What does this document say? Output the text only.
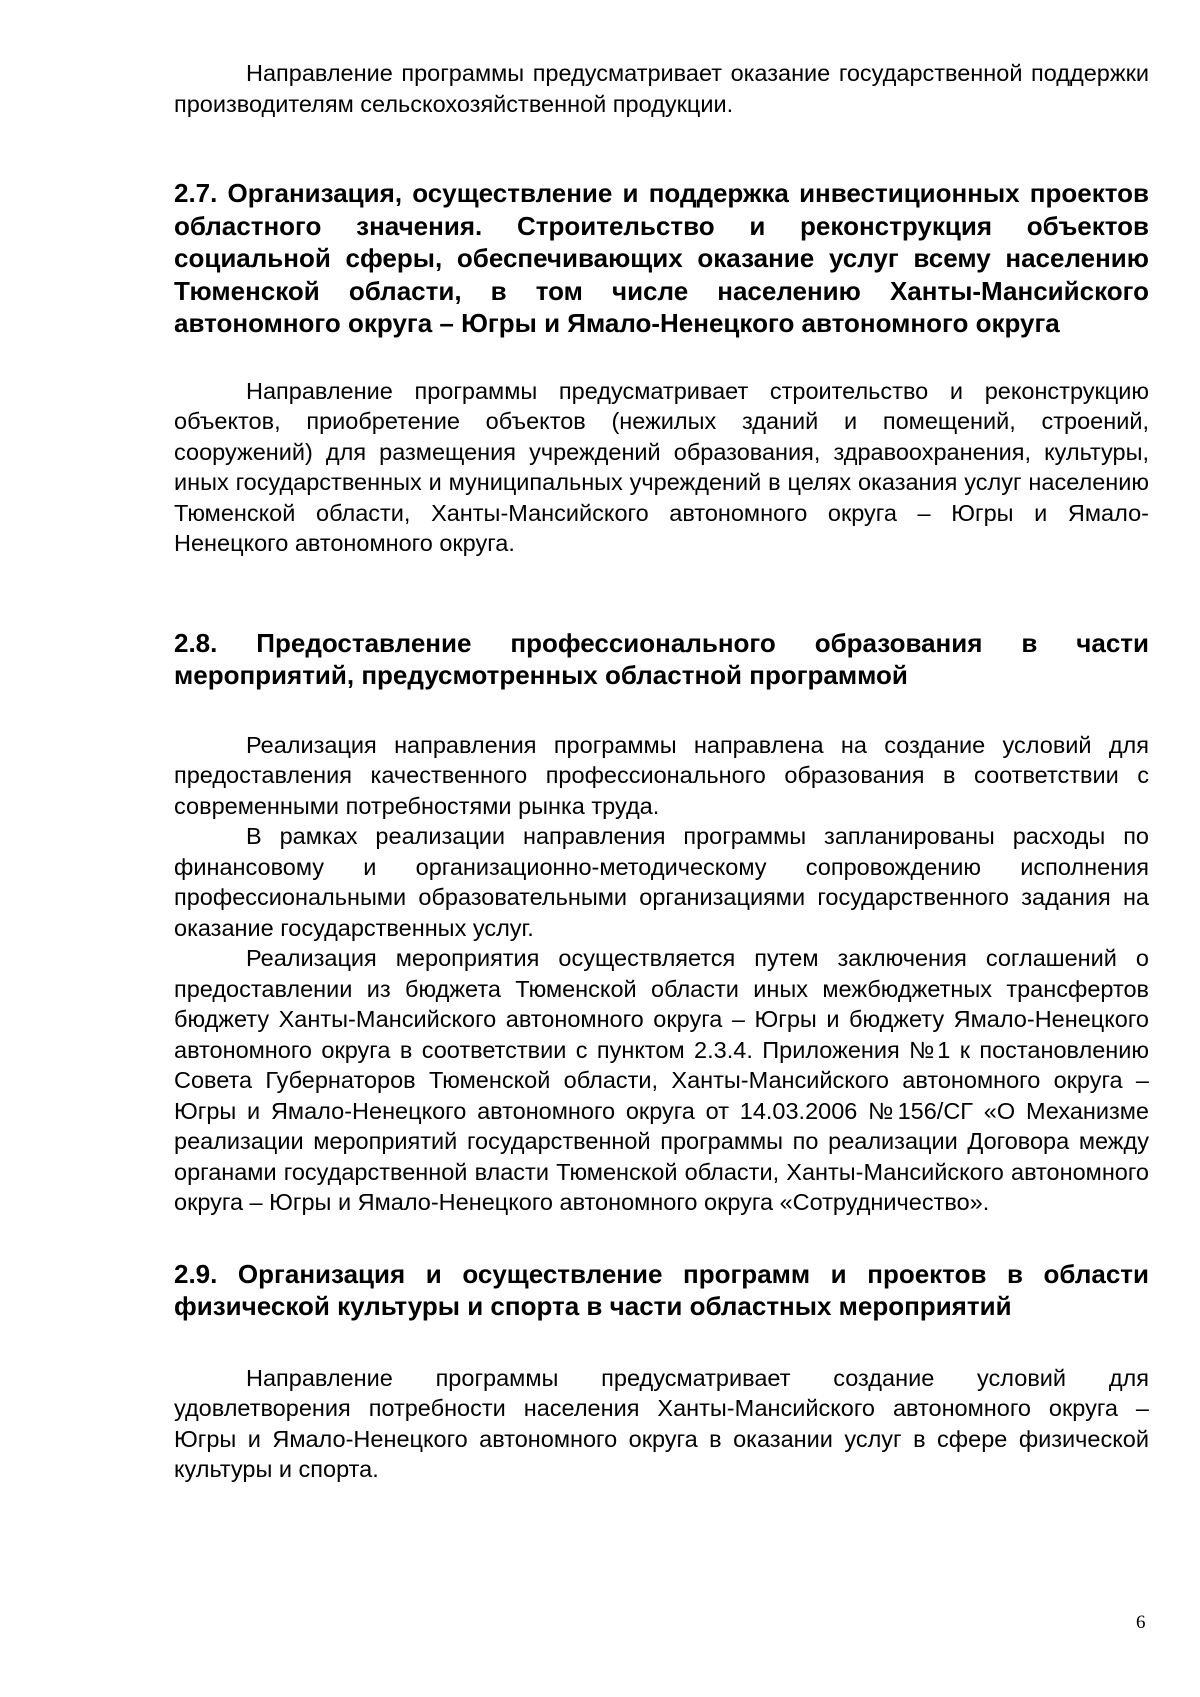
Направление программы предусматривает оказание государственной поддержки производителям сельскохозяйственной продукции.

2.7. Организация, осуществление и поддержка инвестиционных проектов областного значения. Строительство и реконструкция объектов социальной сферы, обеспечивающих оказание услуг всему населению Тюменской области, в том числе населению Ханты-Мансийского автономного округа – Югры и Ямало-Ненецкого автономного округа

Направление программы предусматривает строительство и реконструкцию объектов, приобретение объектов (нежилых зданий и помещений, строений, сооружений) для размещения учреждений образования, здравоохранения, культуры, иных государственных и муниципальных учреждений в целях оказания услуг населению Тюменской области, Ханты-Мансийского автономного округа – Югры и Ямало-Ненецкого автономного округа.

2.8. Предоставление профессионального образования в части мероприятий, предусмотренных областной программой

Реализация направления программы направлена на создание условий для предоставления качественного профессионального образования в соответствии с современными потребностями рынка труда.

В рамках реализации направления программы запланированы расходы по финансовому и организационно-методическому сопровождению исполнения профессиональными образовательными организациями государственного задания на оказание государственных услуг.

Реализация мероприятия осуществляется путем заключения соглашений о предоставлении из бюджета Тюменской области иных межбюджетных трансфертов бюджету Ханты-Мансийского автономного округа – Югры и бюджету Ямало-Ненецкого автономного округа в соответствии с пунктом 2.3.4. Приложения №1 к постановлению Совета Губернаторов Тюменской области, Ханты-Мансийского автономного округа – Югры и Ямало-Ненецкого автономного округа от 14.03.2006 №156/СГ «О Механизме реализации мероприятий государственной программы по реализации Договора между органами государственной власти Тюменской области, Ханты-Мансийского автономного округа – Югры и Ямало-Ненецкого автономного округа «Сотрудничество».

2.9. Организация и осуществление программ и проектов в области физической культуры и спорта в части областных мероприятий

Направление программы предусматривает создание условий для удовлетворения потребности населения Ханты-Мансийского автономного округа – Югры и Ямало-Ненецкого автономного округа в оказании услуг в сфере физической культуры и спорта.

6
